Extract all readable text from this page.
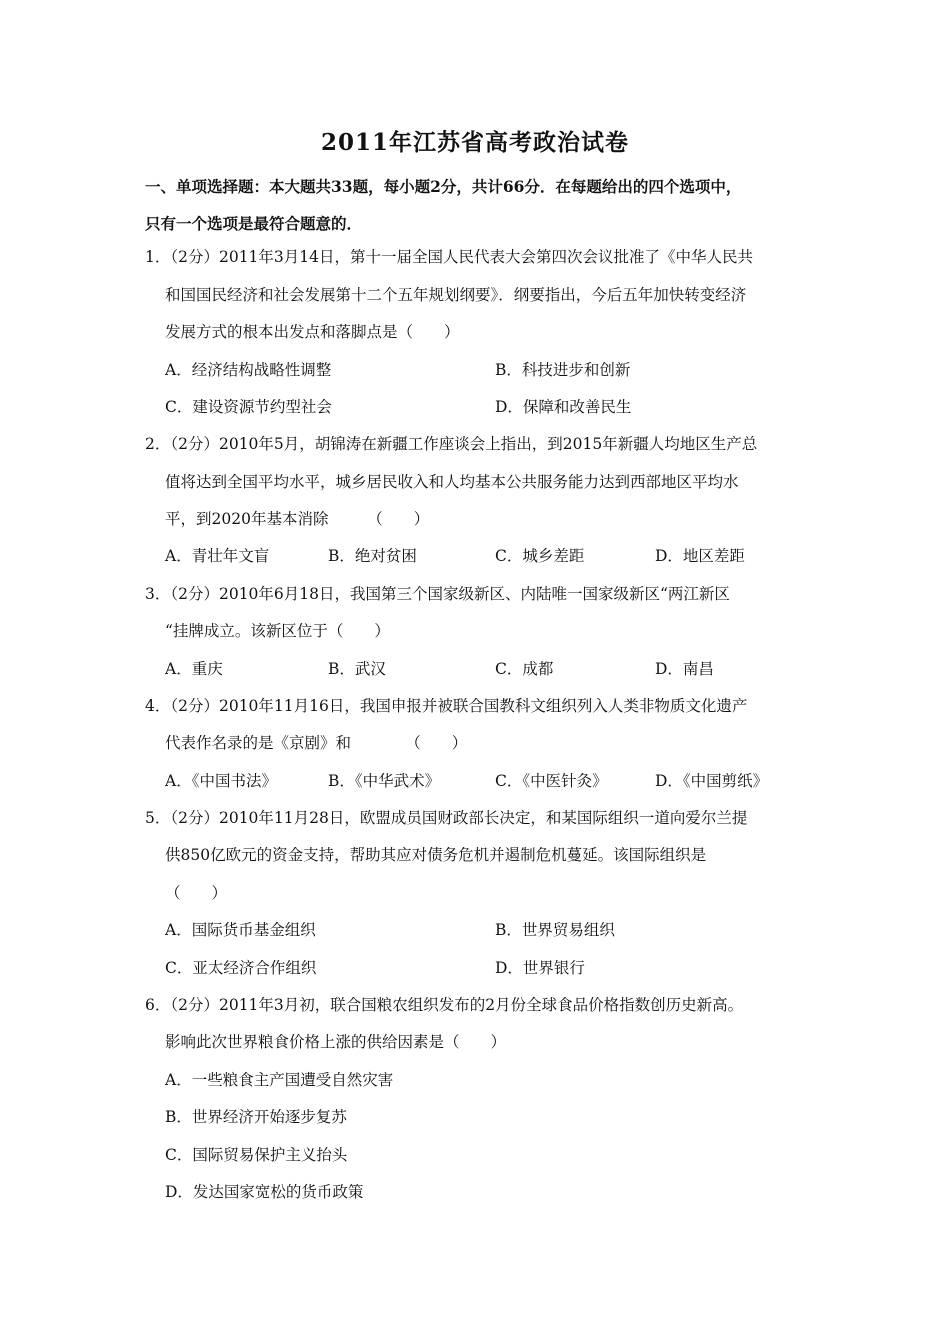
2011年江苏省高考政治试卷
一、单项选择题：本大题共33题，每小题2分，共计66分．在每题给出的四个选项中，
只有一个选项是最符合题意的．
1．（2分）2011年3月14日，第十一届全国人民代表大会第四次会议批准了《中华人民共
和国国民经济和社会发展第十二个五年规划纲要》．纲要指出，今后五年加快转变经济
发展方式的根本出发点和落脚点是（　　）
A．经济结构战略性调整	B．科技进步和创新
C．建设资源节约型社会	D．保障和改善民生
2．（2分）2010年5月，胡锦涛在新疆工作座谈会上指出，到2015年新疆人均地区生产总
值将达到全国平均水平，城乡居民收入和人均基本公共服务能力达到西部地区平均水
平，到2020年基本消除　　　（　　）
A．青壮年文盲	B．绝对贫困	C．城乡差距	D．地区差距
3．（2分）2010年6月18日，我国第三个国家级新区、内陆唯一国家级新区“两江新区
“挂牌成立。该新区位于（　　）
A．重庆	B．武汉	C．成都	D．南昌
4．（2分）2010年11月16日，我国申报并被联合国教科文组织列入人类非物质文化遗产
代表作名录的是《京剧》和　　　　（　　）
A．《中国书法》	B．《中华武术》	C．《中医针灸》	D．《中国剪纸》
5．（2分）2010年11月28日，欧盟成员国财政部长决定，和某国际组织一道向爱尔兰提
供850亿欧元的资金支持，帮助其应对债务危机并遏制危机蔓延。该国际组织是
（　　）
A．国际货币基金组织	B．世界贸易组织
C．亚太经济合作组织	D．世界银行
6．（2分）2011年3月初，联合国粮农组织发布的2月份全球食品价格指数创历史新高。
影响此次世界粮食价格上涨的供给因素是（　　）
A．一些粮食主产国遭受自然灾害
B．世界经济开始逐步复苏
C．国际贸易保护主义抬头
D．发达国家宽松的货币政策
